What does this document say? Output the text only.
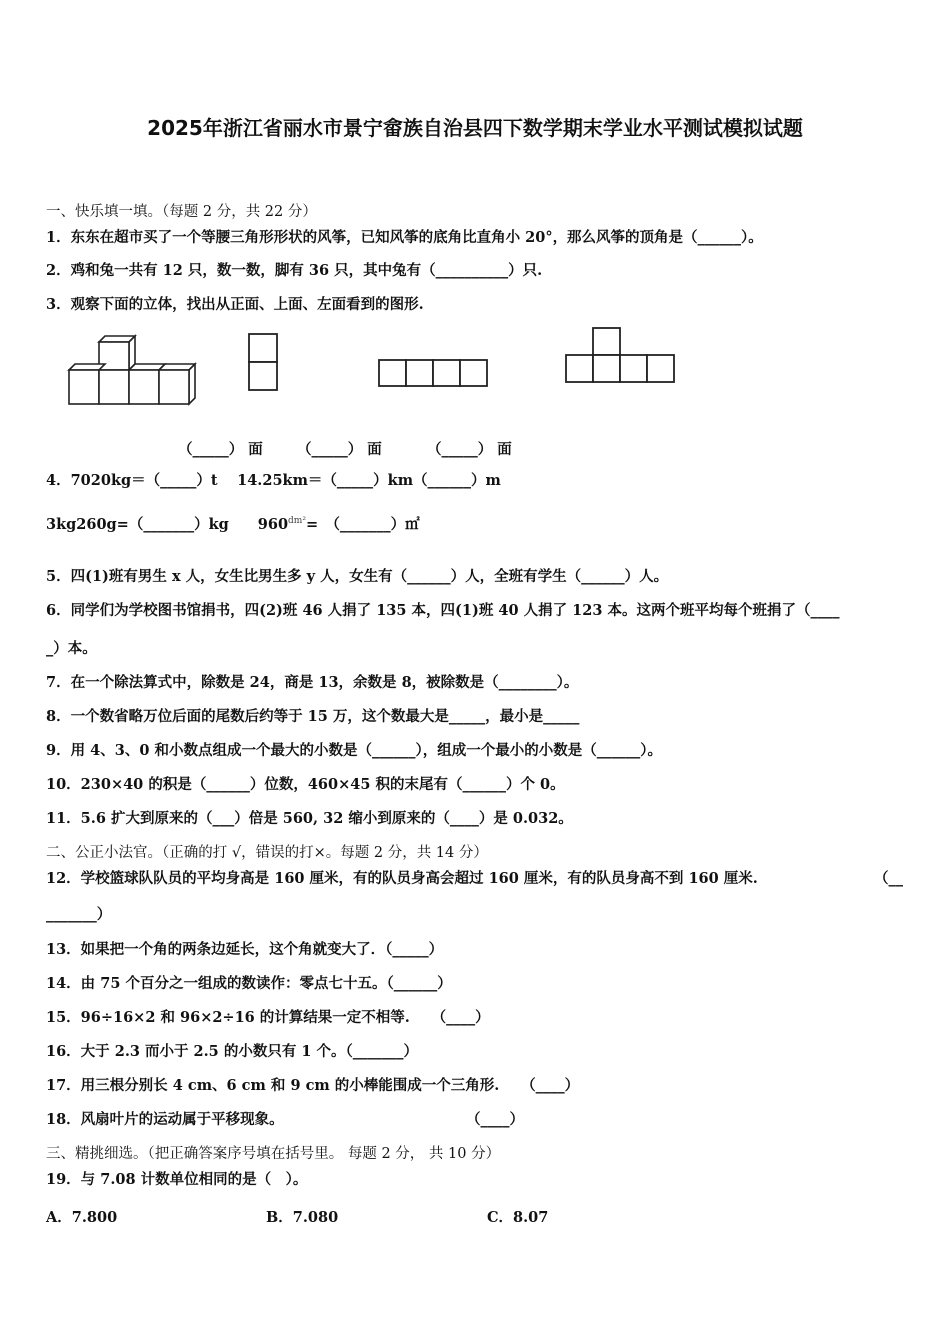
2025年浙江省丽水市景宁畲族自治县四下数学期末学业水平测试模拟试题
一、快乐填一填。（每题 2 分，共 22 分）
1．东东在超市买了一个等腰三角形形状的风筝，已知风筝的底角比直角小 20°，那么风筝的顶角是（______）。
2．鸡和兔一共有 12 只，数一数，脚有 36 只，其中兔有（__________）只.
3．观察下面的立体，找出从正面、上面、左面看到的图形.
（_____） 面 （_____） 面	（_____） 面
4．7020kg＝（_____）t　 14.25km＝（_____）km（______）m
3kg260g=（_______）kg　　$960^{dm^2}=$　（_______）㎡
5．四(1)班有男生 x 人，女生比男生多 y 人，女生有（______）人，全班有学生（______）人。
6．同学们为学校图书馆捐书，四(2)班 46 人捐了 135 本，四(1)班 40 人捐了 123 本。这两个班平均每个班捐了（____
_）本。
7．在一个除法算式中，除数是 24，商是 13，余数是 8，被除数是（________）。
8．一个数省略万位后面的尾数后约等于 15 万，这个数最大是_____，最小是_____
9．用 4、3、0 和小数点组成一个最大的小数是（______），组成一个最小的小数是（______）。
10．230×40 的积是（______）位数，460×45 积的末尾有（______）个 0。
11．5.6 扩大到原来的（___）倍是 560, 32 缩小到原来的（____）是 0.032。
二、公正小法官。（正确的打 √，错误的打×。每题 2 分，共 14 分）
12．学校篮球队队员的平均身高是 160 厘米，有的队员身高会超过 160 厘米，有的队员身高不到 160 厘米.	（__
_______）
13．如果把一个角的两条边延长，这个角就变大了．（_____）
14．由 75 个百分之一组成的数读作：零点七十五。（______）
15．96÷16×2 和 96×2÷16 的计算结果一定不相等.　　（____）
16．大于 2.3 而小于 2.5 的小数只有 1 个。（_______）
17．用三根分别长 4 cm、6 cm 和 9 cm 的小棒能围成一个三角形.　　（____）
18．风扇叶片的运动属于平移现象。	（____）
三、精挑细选。（把正确答案序号填在括号里。 每题 2 分， 共 10 分）
19．与 7.08 计数单位相同的是（　）。
A．7.800	B．7.080	C．8.07
